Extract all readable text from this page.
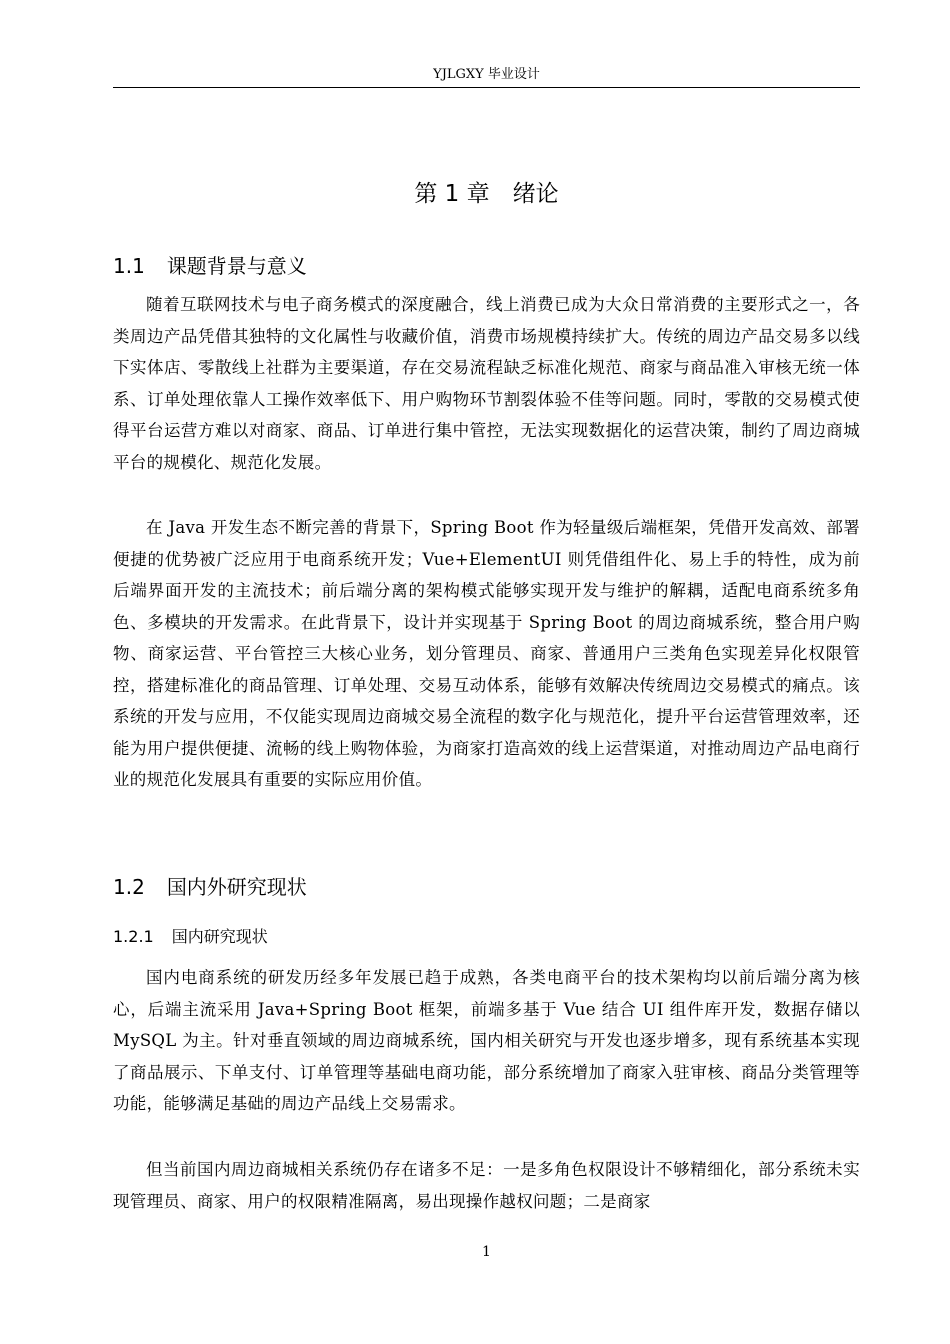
YJLGXY 毕业设计
第 1 章　绪论
1.1 课题背景与意义

随着互联网技术与电子商务模式的深度融合，线上消费已成为大众日常消费的主要形式之一，各类周边产品凭借其独特的文化属性与收藏价值，消费市场规模持续扩大。传统的周边产品交易多以线下实体店、零散线上社群为主要渠道，存在交易流程缺乏标准化规范、商家与商品准入审核无统一体系、订单处理依靠人工操作效率低下、用户购物环节割裂体验不佳等问题。同时，零散的交易模式使得平台运营方难以对商家、商品、订单进行集中管控，无法实现数据化的运营决策，制约了周边商城平台的规模化、规范化发展。

在 Java 开发生态不断完善的背景下，Spring Boot 作为轻量级后端框架，凭借开发高效、部署便捷的优势被广泛应用于电商系统开发；Vue+ElementUI 则凭借组件化、易上手的特性，成为前后端界面开发的主流技术；前后端分离的架构模式能够实现开发与维护的解耦，适配电商系统多角色、多模块的开发需求。在此背景下，设计并实现基于 Spring Boot 的周边商城系统，整合用户购物、商家运营、平台管控三大核心业务，划分管理员、商家、普通用户三类角色实现差异化权限管控，搭建标准化的商品管理、订单处理、交易互动体系，能够有效解决传统周边交易模式的痛点。该系统的开发与应用，不仅能实现周边商城交易全流程的数字化与规范化，提升平台运营管理效率，还能为用户提供便捷、流畅的线上购物体验，为商家打造高效的线上运营渠道，对推动周边产品电商行业的规范化发展具有重要的实际应用价值。

1.2 国内外研究现状
1.2.1 国内研究现状

国内电商系统的研发历经多年发展已趋于成熟，各类电商平台的技术架构均以前后端分离为核心，后端主流采用 Java+Spring Boot 框架，前端多基于 Vue 结合 UI 组件库开发，数据存储以 MySQL 为主。针对垂直领域的周边商城系统，国内相关研究与开发也逐步增多，现有系统基本实现了商品展示、下单支付、订单管理等基础电商功能，部分系统增加了商家入驻审核、商品分类管理等功能，能够满足基础的周边产品线上交易需求。

但当前国内周边商城相关系统仍存在诸多不足：一是多角色权限设计不够精细化，部分系统未实现管理员、商家、用户的权限精准隔离，易出现操作越权问题；二是商家

1
